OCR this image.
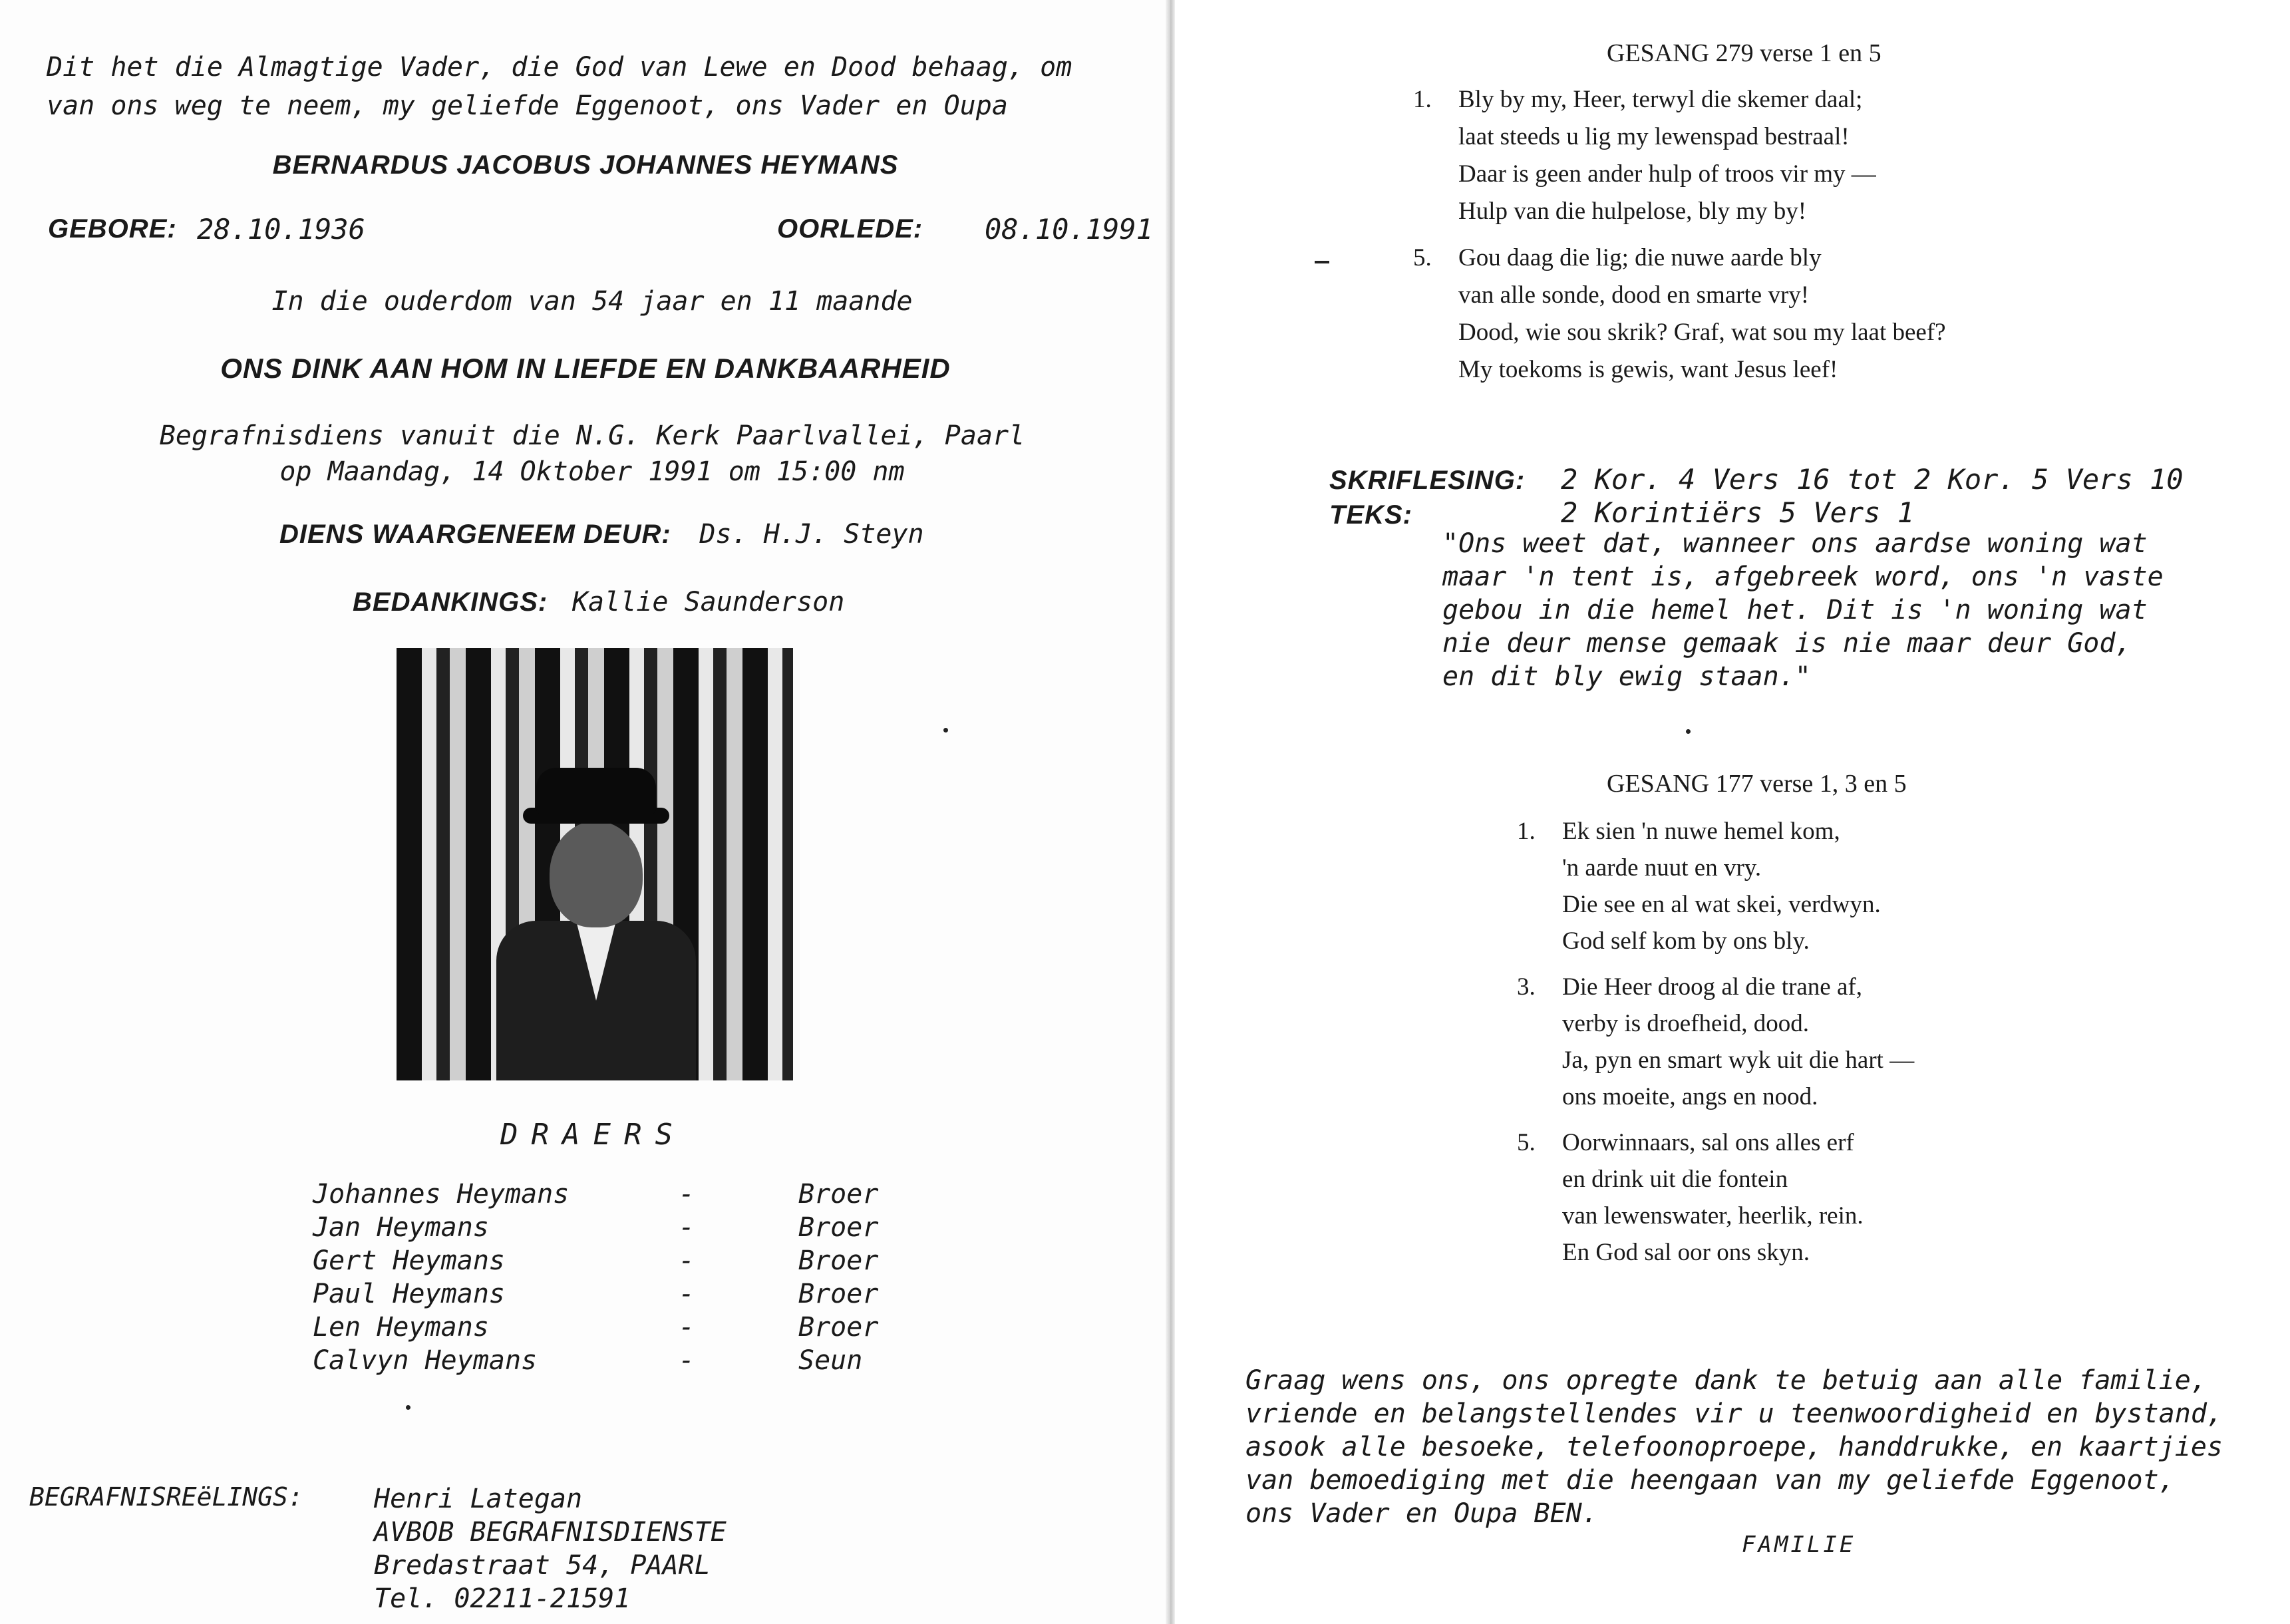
Dit het die Almagtige Vader, die God van Lewe en Dood behaag, om
van ons weg te neem, my geliefde Eggenoot, ons Vader en Oupa
BERNARDUS JACOBUS JOHANNES HEYMANS
GEBORE: 28.10.1936	OORLEDE: 08.10.1991
In die ouderdom van 54 jaar en 11 maande
ONS DINK AAN HOM IN LIEFDE EN DANKBAARHEID
Begrafnisdiens vanuit die N.G. Kerk Paarlvallei, Paarl
op Maandag, 14 Oktober 1991 om 15:00 nm
DIENS WAARGENEEM DEUR: Ds. H.J. Steyn
BEDANKINGS: Kallie Saunderson
DRAERS
Johannes Heymans	-	Broer
Jan Heymans	-	Broer
Gert Heymans	-	Broer
Paul Heymans	-	Broer
Len Heymans	-	Broer
Calvyn Heymans	-	Seun
BEGRAFNISREëLINGS:	Henri Lategan
AVBOB BEGRAFNISDIENSTE
Bredastraat 54, PAARL
Tel. 02211-21591
GESANG 279 verse 1 en 5
1. Bly by my, Heer, terwyl die skemer daal;
laat steeds u lig my lewenspad bestraal!
Daar is geen ander hulp of troos vir my —
Hulp van die hulpelose, bly my by!
5. Gou daag die lig; die nuwe aarde bly
van alle sonde, dood en smarte vry!
Dood, wie sou skrik? Graf, wat sou my laat beef?
My toekoms is gewis, want Jesus leef!
SKRIFLESING: 2 Kor. 4 Vers 16 tot 2 Kor. 5 Vers 10
TEKS:	2 Korintiërs 5 Vers 1
"Ons weet dat, wanneer ons aardse woning wat
maar 'n tent is, afgebreek word, ons 'n vaste
gebou in die hemel het. Dit is 'n woning wat
nie deur mense gemaak is nie maar deur God,
en dit bly ewig staan."
GESANG 177 verse 1, 3 en 5
1. Ek sien 'n nuwe hemel kom,
'n aarde nuut en vry.
Die see en al wat skei, verdwyn.
God self kom by ons bly.
3. Die Heer droog al die trane af,
verby is droefheid, dood.
Ja, pyn en smart wyk uit die hart —
ons moeite, angs en nood.
5. Oorwinnaars, sal ons alles erf
en drink uit die fontein
van lewenswater, heerlik, rein.
En God sal oor ons skyn.
Graag wens ons, ons opregte dank te betuig aan alle familie,
vriende en belangstellendes vir u teenwoordigheid en bystand,
asook alle besoeke, telefoonoproepe, handdrukke, en kaartjies
van bemoediging met die heengaan van my geliefde Eggenoot,
ons Vader en Oupa BEN.
FAMILIE
